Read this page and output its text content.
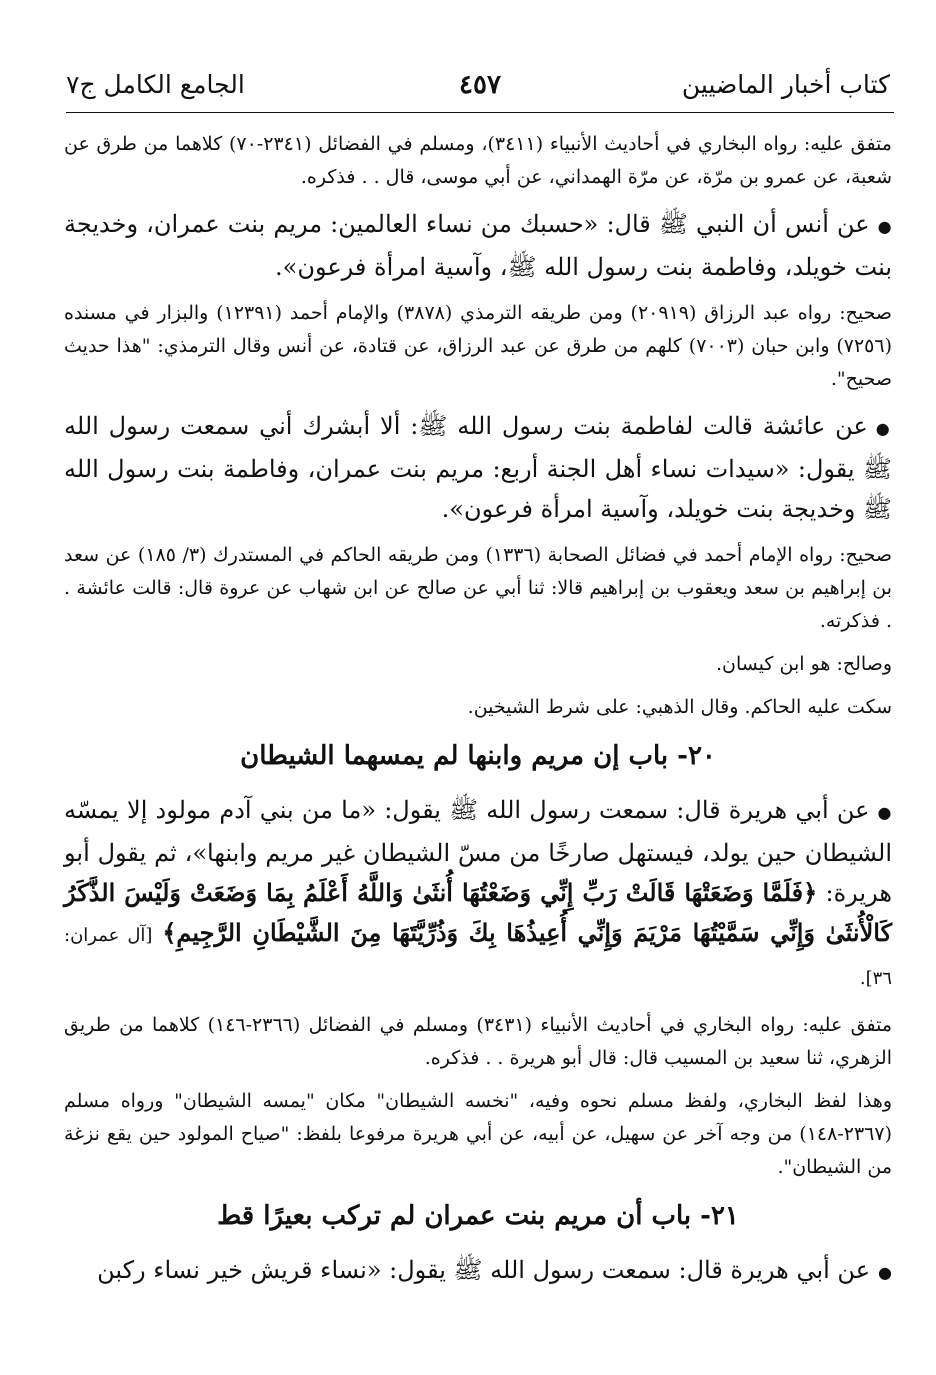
كتاب أخبار الماضيين
٤٥٧
الجامع الكامل ج٧

متفق عليه: رواه البخاري في أحاديث الأنبياء (٣٤١١)، ومسلم في الفضائل (٢٣٤١-٧٠) كلاهما من طرق عن شعبة، عن عمرو بن مرّة، عن مرّة الهمداني، عن أبي موسى، قال . . فذكره.

●عن أنس أن النبي ﷺ قال: «حسبك من نساء العالمين: مريم بنت عمران، وخديجة بنت خويلد، وفاطمة بنت رسول الله ﷺ، وآسية امرأة فرعون».

صحيح: رواه عبد الرزاق (٢٠٩١٩) ومن طريقه الترمذي (٣٨٧٨) والإمام أحمد (١٢٣٩١) والبزار في مسنده (٧٢٥٦) وابن حبان (٧٠٠٣) كلهم من طرق عن عبد الرزاق، عن قتادة، عن أنس وقال الترمذي: "هذا حديث صحيح".

●عن عائشة قالت لفاطمة بنت رسول الله ﷺ: ألا أبشرك أني سمعت رسول الله ﷺ يقول: «سيدات نساء أهل الجنة أربع: مريم بنت عمران، وفاطمة بنت رسول الله ﷺ وخديجة بنت خويلد، وآسية امرأة فرعون».

صحيح: رواه الإمام أحمد في فضائل الصحابة (١٣٣٦) ومن طريقه الحاكم في المستدرك (٣/ ١٨٥) عن سعد بن إبراهيم بن سعد ويعقوب بن إبراهيم قالا: ثنا أبي عن صالح عن ابن شهاب عن عروة قال: قالت عائشة . . فذكرته.

وصالح: هو ابن كيسان.

سكت عليه الحاكم. وقال الذهبي: على شرط الشيخين.

٢٠- باب إن مريم وابنها لم يمسهما الشيطان

●عن أبي هريرة قال: سمعت رسول الله ﷺ يقول: «ما من بني آدم مولود إلا يمسّه الشيطان حين يولد، فيستهل صارخًا من مسّ الشيطان غير مريم وابنها»، ثم يقول أبو هريرة: ﴿فَلَمَّا وَضَعَتْهَا قَالَتْ رَبِّ إِنِّي وَضَعْتُهَا أُنثَىٰ وَاللَّهُ أَعْلَمُ بِمَا وَضَعَتْ وَلَيْسَ الذَّكَرُ كَالْأُنثَىٰ وَإِنِّي سَمَّيْتُهَا مَرْيَمَ وَإِنِّي أُعِيذُهَا بِكَ وَذُرِّيَّتَهَا مِنَ الشَّيْطَانِ الرَّجِيمِ﴾ [آل عمران: ٣٦].

متفق عليه: رواه البخاري في أحاديث الأنبياء (٣٤٣١) ومسلم في الفضائل (٢٣٦٦-١٤٦) كلاهما من طريق الزهري، ثنا سعيد بن المسيب قال: قال أبو هريرة . . فذكره.

وهذا لفظ البخاري، ولفظ مسلم نحوه وفيه، "نخسه الشيطان" مكان "يمسه الشيطان" ورواه مسلم (٢٣٦٧-١٤٨) من وجه آخر عن سهيل، عن أبيه، عن أبي هريرة مرفوعا بلفظ: "صياح المولود حين يقع نزغة من الشيطان".

٢١- باب أن مريم بنت عمران لم تركب بعيرًا قط

●عن أبي هريرة قال: سمعت رسول الله ﷺ يقول: «نساء قريش خير نساء ركبن
